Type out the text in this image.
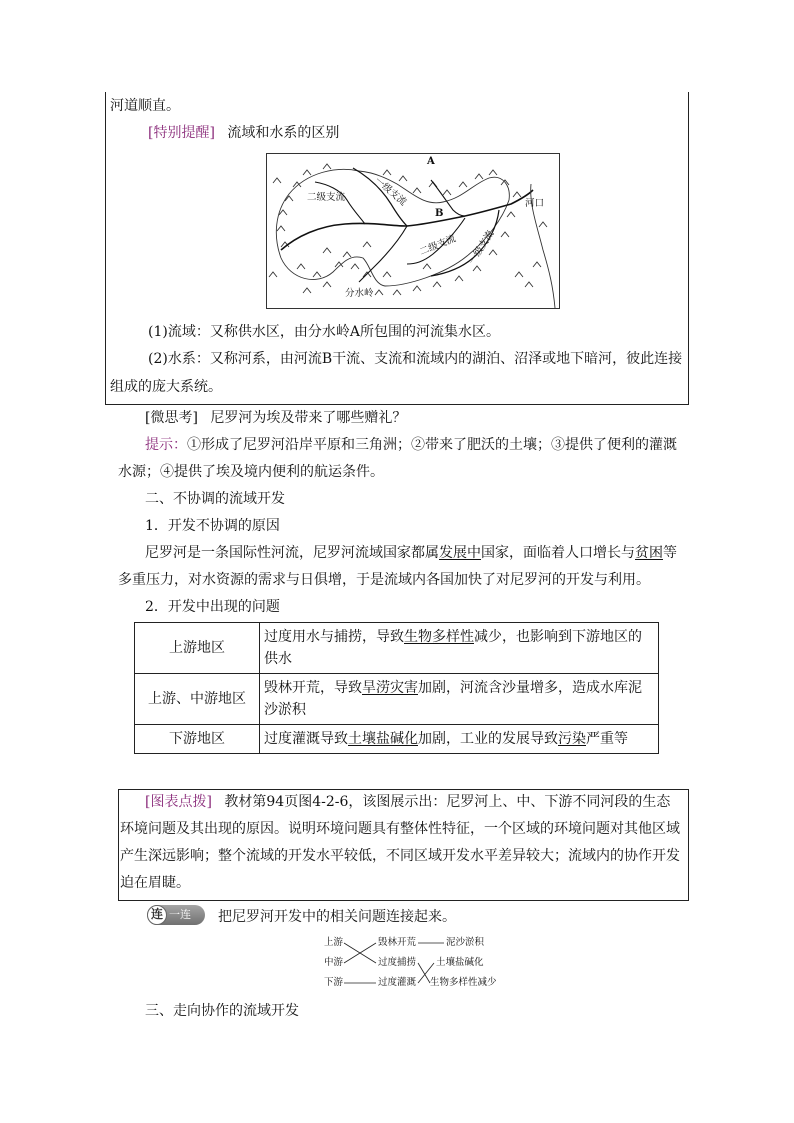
河道顺直。
[特别提醒] 流域和水系的区别
A
B
二级支流	一级支流	河口
二级支流 一级支流
分水岭
(1)流域：又称供水区，由分水岭A所包围的河流集水区。
(2)水系：又称河系，由河流B干流、支流和流域内的湖泊、沼泽或地下暗河，彼此连接
组成的庞大系统。
[微思考] 尼罗河为埃及带来了哪些赠礼？
提示：①形成了尼罗河沿岸平原和三角洲；②带来了肥沃的土壤；③提供了便利的灌溉
水源；④提供了埃及境内便利的航运条件。
二、不协调的流域开发
1．开发不协调的原因
尼罗河是一条国际性河流，尼罗河流域国家都属发展中国家，面临着人口增长与贫困等
多重压力，对水资源的需求与日俱增，于是流域内各国加快了对尼罗河的开发与利用。
2．开发中出现的问题
上游地区	过度用水与捕捞，导致生物多样性减少，也影响到下游地区的供水
上游、中游地区	毁林开荒，导致旱涝灾害加剧，河流含沙量增多，造成水库泥沙淤积
下游地区	过度灌溉导致土壤盐碱化加剧，工业的发展导致污染严重等
[图表点拨] 教材第94页图4-2-6，该图展示出：尼罗河上、中、下游不同河段的生态
环境问题及其出现的原因。说明环境问题具有整体性特征，一个区域的环境问题对其他区域
产生深远影响；整个流域的开发水平较低，不同区域开发水平差异较大；流域内的协作开发
迫在眉睫。
连 一连 把尼罗河开发中的相关问题连接起来。
上游
中游
下游
毁林开荒
过度捕捞
过度灌溉
泥沙淤积
土壤盐碱化
生物多样性减少
三、走向协作的流域开发
